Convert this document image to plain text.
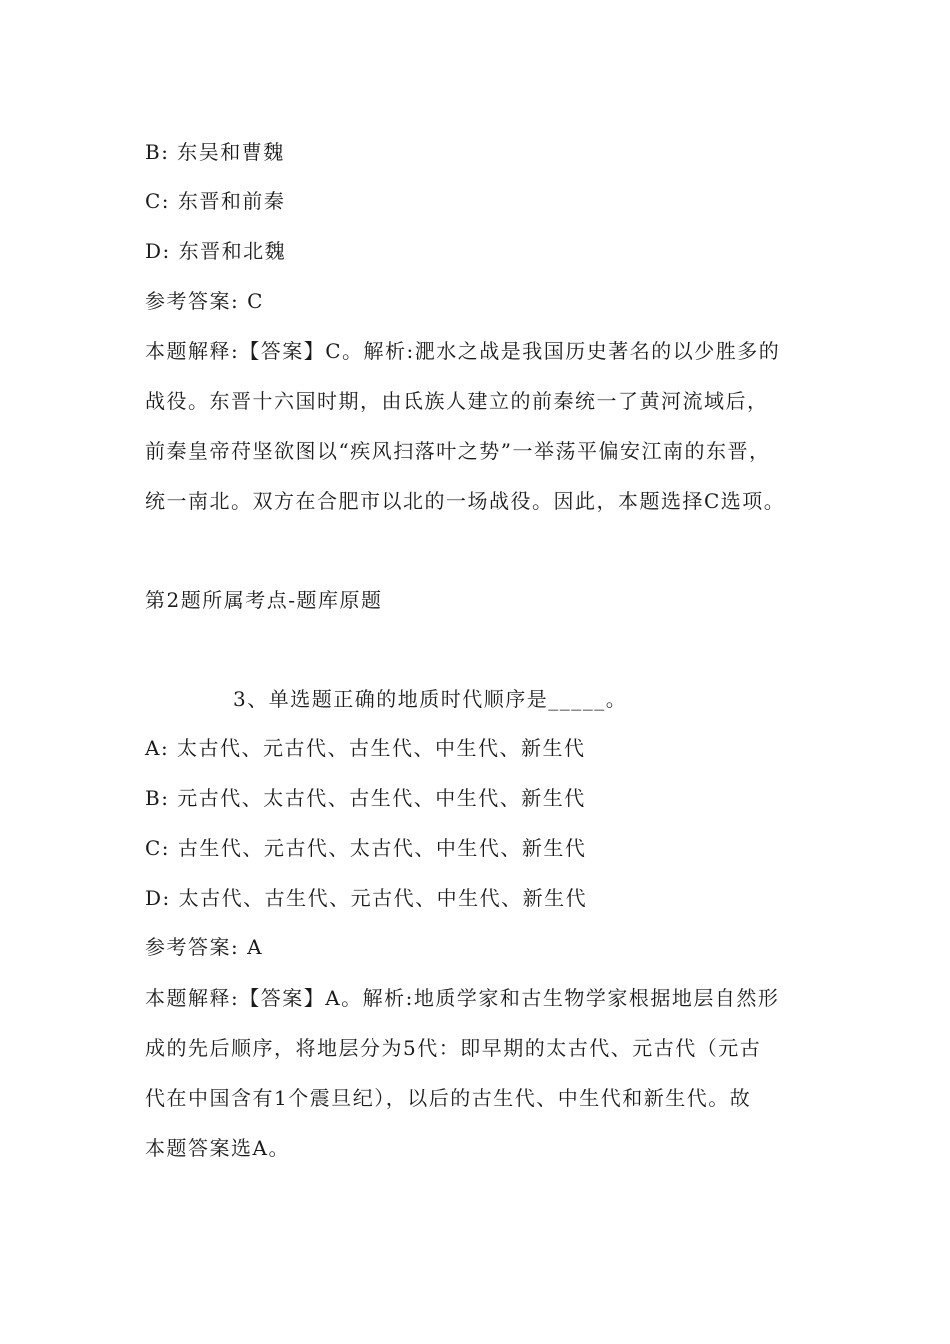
B: 东吴和曹魏
C: 东晋和前秦
D: 东晋和北魏
参考答案: C
本题解释:【答案】C。解析:淝水之战是我国历史著名的以少胜多的
战役。东晋十六国时期，由氐族人建立的前秦统一了黄河流域后，
前秦皇帝苻坚欲图以“疾风扫落叶之势”一举荡平偏安江南的东晋，
统一南北。双方在合肥市以北的一场战役。因此，本题选择C选项。
第2题所属考点-题库原题
3、单选题正确的地质时代顺序是_____。
A: 太古代、元古代、古生代、中生代、新生代
B: 元古代、太古代、古生代、中生代、新生代
C: 古生代、元古代、太古代、中生代、新生代
D: 太古代、古生代、元古代、中生代、新生代
参考答案: A
本题解释:【答案】A。解析:地质学家和古生物学家根据地层自然形
成的先后顺序，将地层分为5代：即早期的太古代、元古代（元古
代在中国含有1个震旦纪），以后的古生代、中生代和新生代。故
本题答案选A。
